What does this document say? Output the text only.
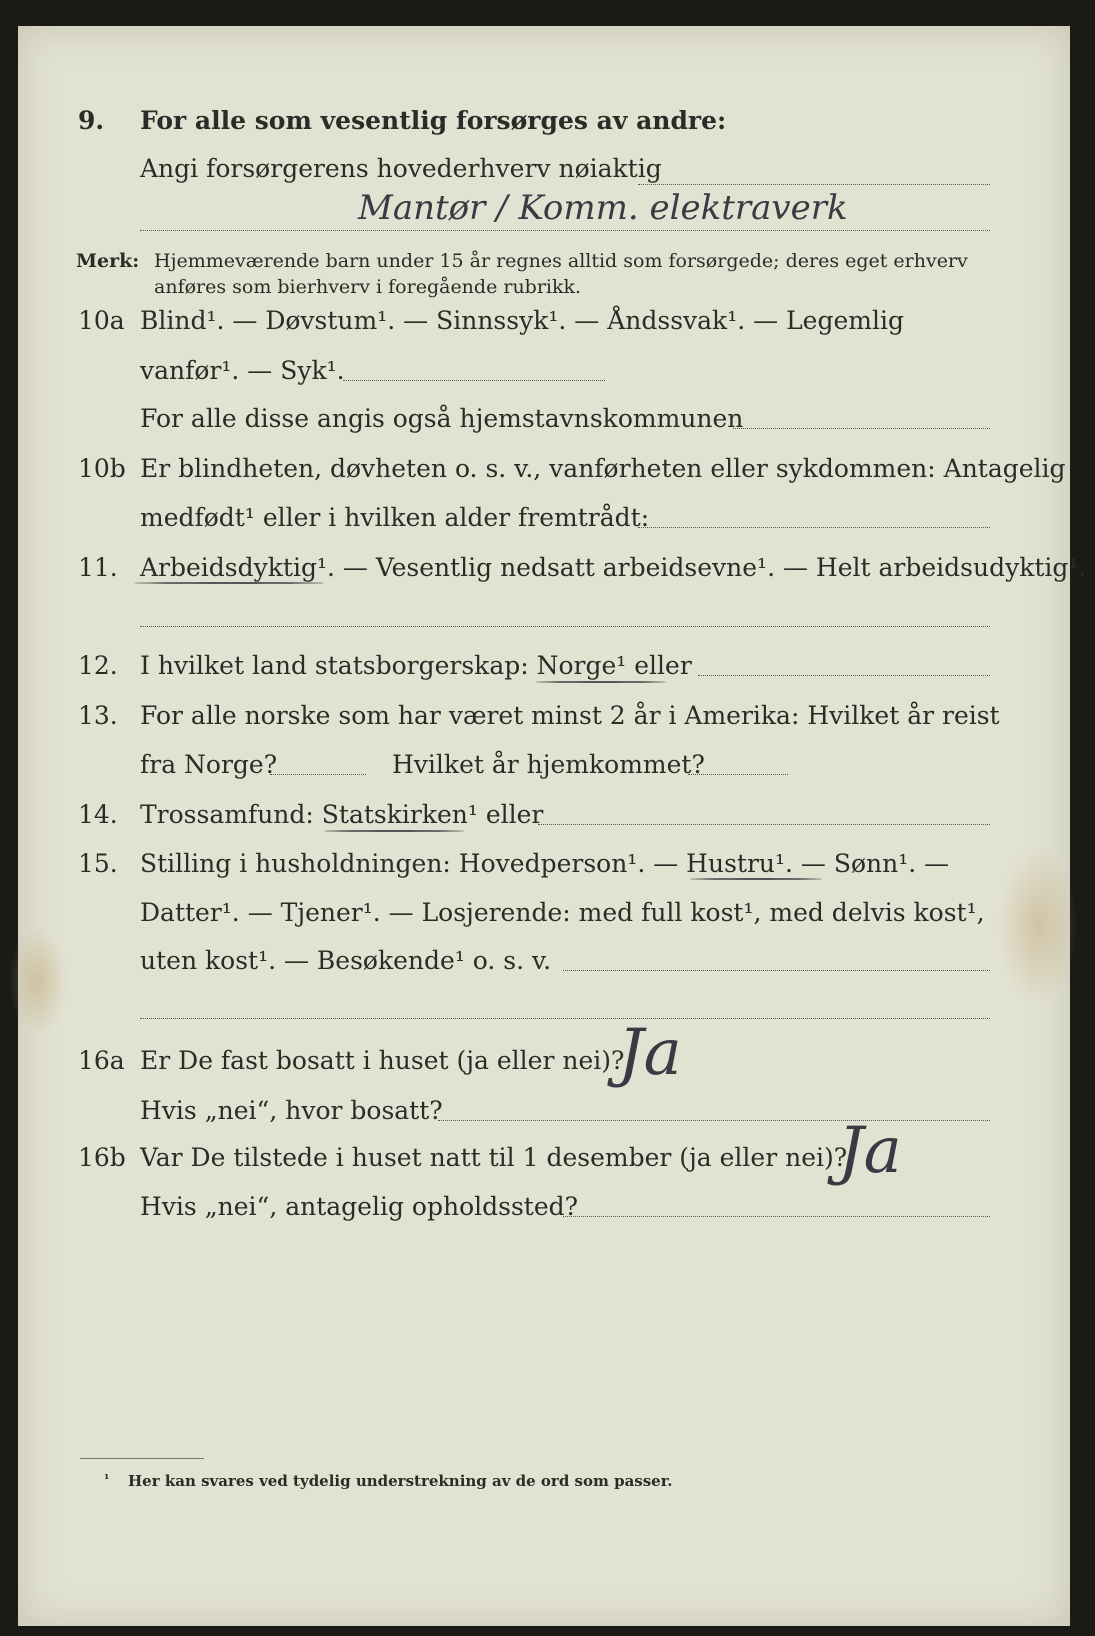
9. For alle som vesentlig forsørges av andre:
Angi forsørgerens hovederhverv nøiaktig
Mantør / Komm. elektraverk
Merk: Hjemmeværende barn under 15 år regnes alltid som forsørgede; deres eget erhverv
anføres som bierhverv i foregående rubrikk.
10a Blind¹. — Døvstum¹. — Sinnssyk¹. — Åndssvak¹. — Legemlig
vanfør¹. — Syk¹.
For alle disse angis også hjemstavnskommunen
10b Er blindheten, døvheten o. s. v., vanførheten eller sykdommen: Antagelig
medfødt¹ eller i hvilken alder fremtrådt:
11. Arbeidsdyktig¹. — Vesentlig nedsatt arbeidsevne¹. — Helt arbeidsudyktig¹.
12. I hvilket land statsborgerskap: Norge¹ eller
13. For alle norske som har været minst 2 år i Amerika: Hvilket år reist
fra Norge?	Hvilket år hjemkommet?
14. Trossamfund: Statskirken¹ eller
15. Stilling i husholdningen: Hovedperson¹. — Hustru¹. — Sønn¹. —
Datter¹. — Tjener¹. — Losjerende: med full kost¹, med delvis kost¹,
uten kost¹. — Besøkende¹ o. s. v.
16a Er De fast bosatt i huset (ja eller nei)?
Ja
Hvis „nei“, hvor bosatt?
16b Var De tilstede i huset natt til 1 desember (ja eller nei)?
Ja
Hvis „nei“, antagelig opholdssted?
¹ Her kan svares ved tydelig understrekning av de ord som passer.
